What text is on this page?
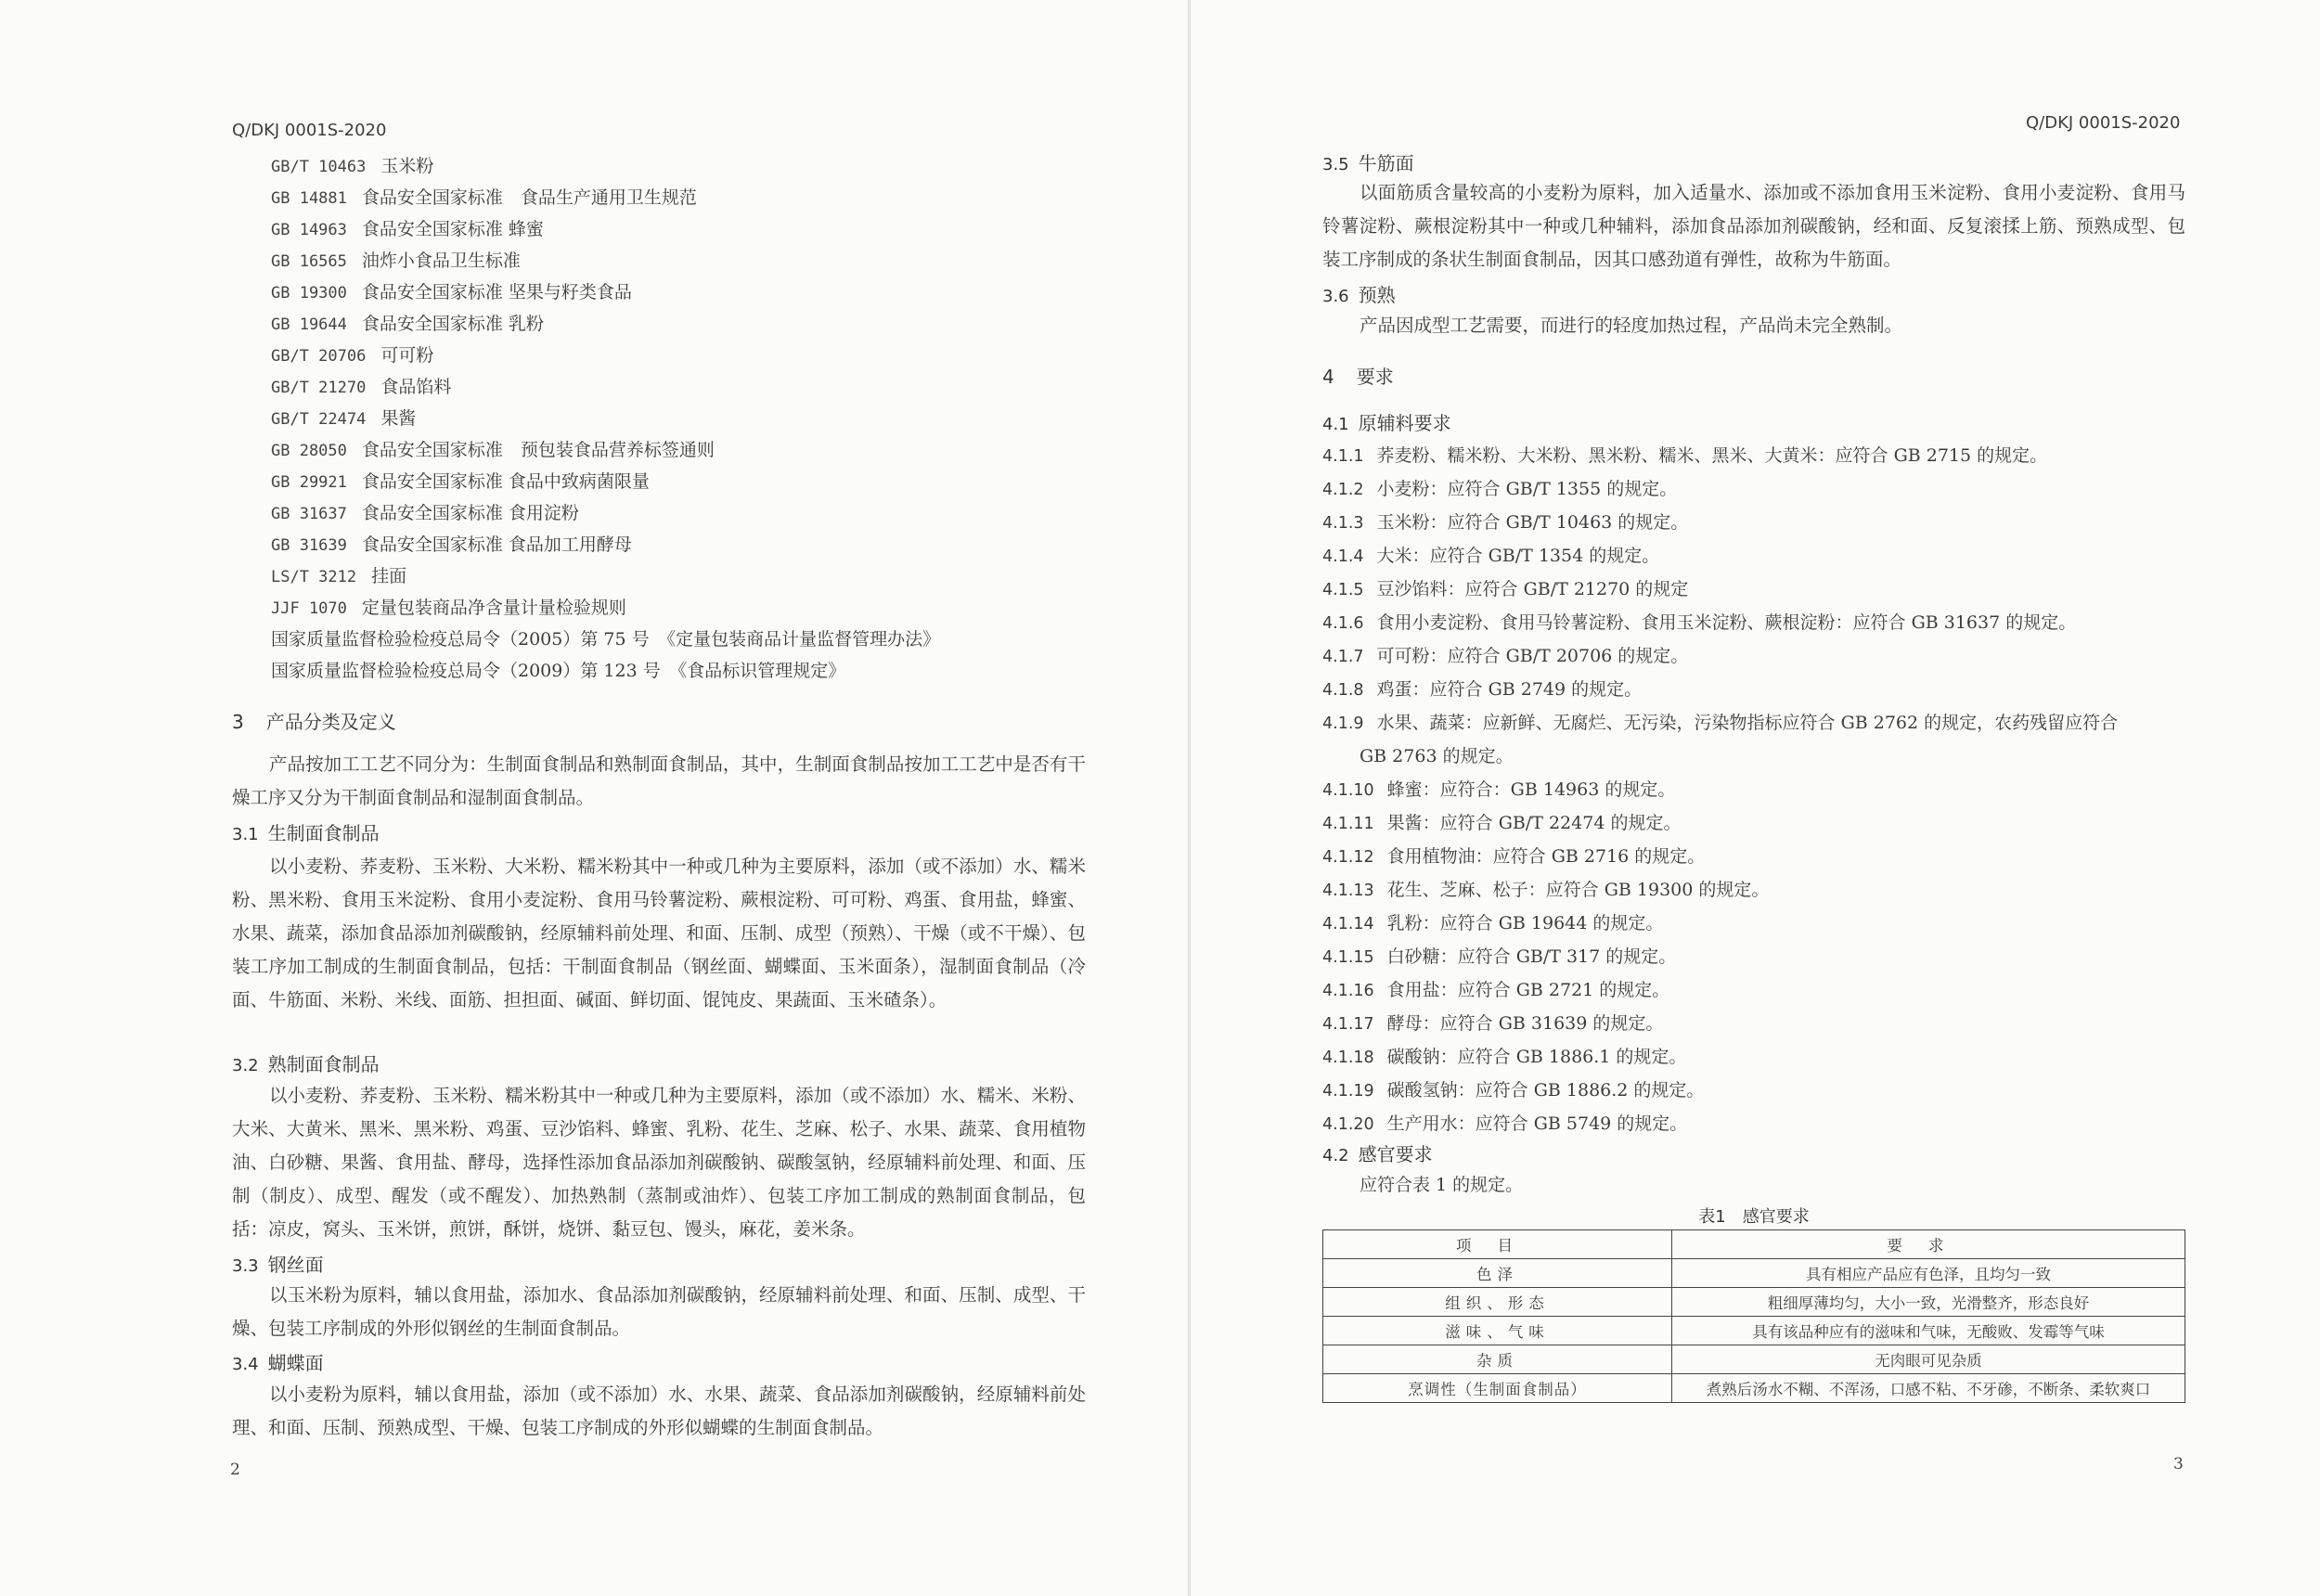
Q/DKJ 0001S-2020
GB/T 10463 玉米粉
GB 14881 食品安全国家标准　食品生产通用卫生规范
GB 14963 食品安全国家标准 蜂蜜
GB 16565 油炸小食品卫生标准
GB 19300 食品安全国家标准 坚果与籽类食品
GB 19644 食品安全国家标准 乳粉
GB/T 20706 可可粉
GB/T 21270 食品馅料
GB/T 22474 果酱
GB 28050 食品安全国家标准　预包装食品营养标签通则
GB 29921 食品安全国家标准 食品中致病菌限量
GB 31637 食品安全国家标准 食用淀粉
GB 31639 食品安全国家标准 食品加工用酵母
LS/T 3212 挂面
JJF 1070 定量包装商品净含量计量检验规则
国家质量监督检验检疫总局令（2005）第 75 号　《定量包装商品计量监督管理办法》
国家质量监督检验检疫总局令（2009）第 123 号　《食品标识管理规定》
3 产品分类及定义
产品按加工工艺不同分为：生制面食制品和熟制面食制品，其中，生制面食制品按加工工艺中是否有干燥工序又分为干制面食制品和湿制面食制品。
3.1 生制面食制品
以小麦粉、荞麦粉、玉米粉、大米粉、糯米粉其中一种或几种为主要原料，添加（或不添加）水、糯米粉、黑米粉、食用玉米淀粉、食用小麦淀粉、食用马铃薯淀粉、蕨根淀粉、可可粉、鸡蛋、食用盐，蜂蜜、水果、蔬菜，添加食品添加剂碳酸钠，经原辅料前处理、和面、压制、成型（预熟）、干燥（或不干燥）、包装工序加工制成的生制面食制品，包括：干制面食制品（钢丝面、蝴蝶面、玉米面条），湿制面食制品（冷面、牛筋面、米粉、米线、面筋、担担面、碱面、鲜切面、馄饨皮、果蔬面、玉米碴条）。
3.2 熟制面食制品
以小麦粉、荞麦粉、玉米粉、糯米粉其中一种或几种为主要原料，添加（或不添加）水、糯米、米粉、大米、大黄米、黑米、黑米粉、鸡蛋、豆沙馅料、蜂蜜、乳粉、花生、芝麻、松子、水果、蔬菜、食用植物油、白砂糖、果酱、食用盐、酵母，选择性添加食品添加剂碳酸钠、碳酸氢钠，经原辅料前处理、和面、压制（制皮）、成型、醒发（或不醒发）、加热熟制（蒸制或油炸）、包装工序加工制成的熟制面食制品，包括：凉皮，窝头、玉米饼，煎饼，酥饼，烧饼、黏豆包、馒头，麻花，姜米条。
3.3 钢丝面
以玉米粉为原料，辅以食用盐，添加水、食品添加剂碳酸钠，经原辅料前处理、和面、压制、成型、干燥、包装工序制成的外形似钢丝的生制面食制品。
3.4 蝴蝶面
以小麦粉为原料，辅以食用盐，添加（或不添加）水、水果、蔬菜、食品添加剂碳酸钠，经原辅料前处理、和面、压制、预熟成型、干燥、包装工序制成的外形似蝴蝶的生制面食制品。
2
Q/DKJ 0001S-2020
3.5 牛筋面
以面筋质含量较高的小麦粉为原料，加入适量水、添加或不添加食用玉米淀粉、食用小麦淀粉、食用马铃薯淀粉、蕨根淀粉其中一种或几种辅料，添加食品添加剂碳酸钠，经和面、反复滚揉上筋、预熟成型、包装工序制成的条状生制面食制品，因其口感劲道有弹性，故称为牛筋面。
3.6 预熟
产品因成型工艺需要，而进行的轻度加热过程，产品尚未完全熟制。
4 要求
4.1 原辅料要求
4.1.1 荞麦粉、糯米粉、大米粉、黑米粉、糯米、黑米、大黄米：应符合 GB 2715 的规定。
4.1.2 小麦粉：应符合 GB/T 1355 的规定。
4.1.3 玉米粉：应符合 GB/T 10463 的规定。
4.1.4 大米：应符合 GB/T 1354 的规定。
4.1.5 豆沙馅料：应符合 GB/T 21270 的规定
4.1.6 食用小麦淀粉、食用马铃薯淀粉、食用玉米淀粉、蕨根淀粉：应符合 GB 31637 的规定。
4.1.7 可可粉：应符合 GB/T 20706 的规定。
4.1.8 鸡蛋：应符合 GB 2749 的规定。
4.1.9 水果、蔬菜：应新鲜、无腐烂、无污染，污染物指标应符合 GB 2762 的规定，农药残留应符合
GB 2763 的规定。
4.1.10 蜂蜜：应符合：GB 14963 的规定。
4.1.11 果酱：应符合 GB/T 22474 的规定。
4.1.12 食用植物油：应符合 GB 2716 的规定。
4.1.13 花生、芝麻、松子：应符合 GB 19300 的规定。
4.1.14 乳粉：应符合 GB 19644 的规定。
4.1.15 白砂糖：应符合 GB/T 317 的规定。
4.1.16 食用盐：应符合 GB 2721 的规定。
4.1.17 酵母：应符合 GB 31639 的规定。
4.1.18 碳酸钠：应符合 GB 1886.1 的规定。
4.1.19 碳酸氢钠：应符合 GB 1886.2 的规定。
4.1.20 生产用水：应符合 GB 5749 的规定。
4.2 感官要求
应符合表 1 的规定。
表1　感官要求
项目	要求
色泽	具有相应产品应有色泽，且均匀一致
组织、形态	粗细厚薄均匀，大小一致，光滑整齐，形态良好
滋味、气味	具有该品种应有的滋味和气味，无酸败、发霉等气味
杂质	无肉眼可见杂质
烹调性（生制面食制品）	煮熟后汤水不糊、不浑汤，口感不粘、不牙碜，不断条、柔软爽口
3
